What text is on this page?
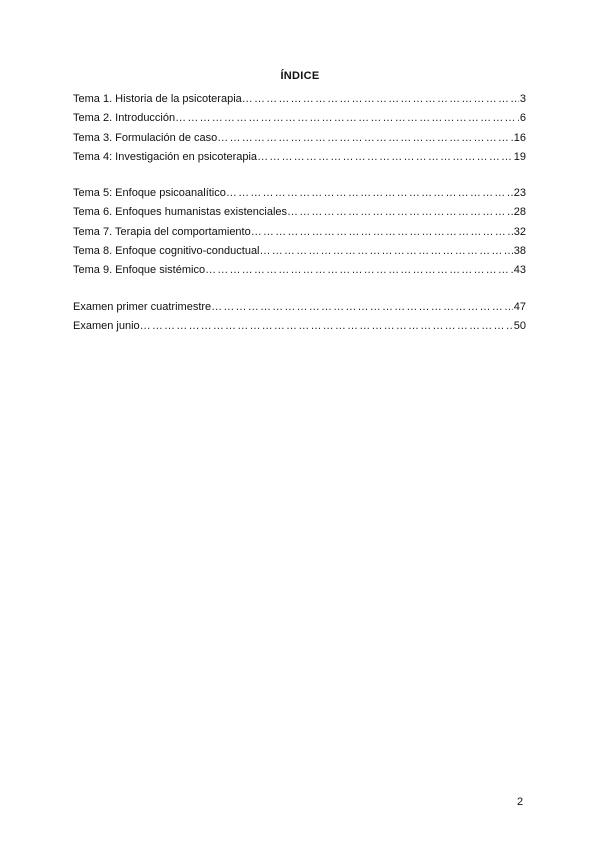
ÍNDICE
Tema 1. Historia de la psicoterapia …………………………………………………………………………………………………………………………………………………………………………………………	3
Tema 2. Introducción …………………………………………………………………………………………………………………………………………………………………………………………	6
Tema 3. Formulación de caso …………………………………………………………………………………………………………………………………………………………………………………………	16
Tema 4: Investigación en psicoterapia …………………………………………………………………………………………………………………………………………………………………………………………	19
Tema 5: Enfoque psicoanalítico …………………………………………………………………………………………………………………………………………………………………………………………	23
Tema 6. Enfoques humanistas existenciales …………………………………………………………………………………………………………………………………………………………………………………………	28
Tema 7. Terapia del comportamiento …………………………………………………………………………………………………………………………………………………………………………………………	32
Tema 8. Enfoque cognitivo-conductual …………………………………………………………………………………………………………………………………………………………………………………………	38
Tema 9. Enfoque sistémico …………………………………………………………………………………………………………………………………………………………………………………………	43
Examen primer cuatrimestre …………………………………………………………………………………………………………………………………………………………………………………………	47
Examen junio …………………………………………………………………………………………………………………………………………………………………………………………	50
2
